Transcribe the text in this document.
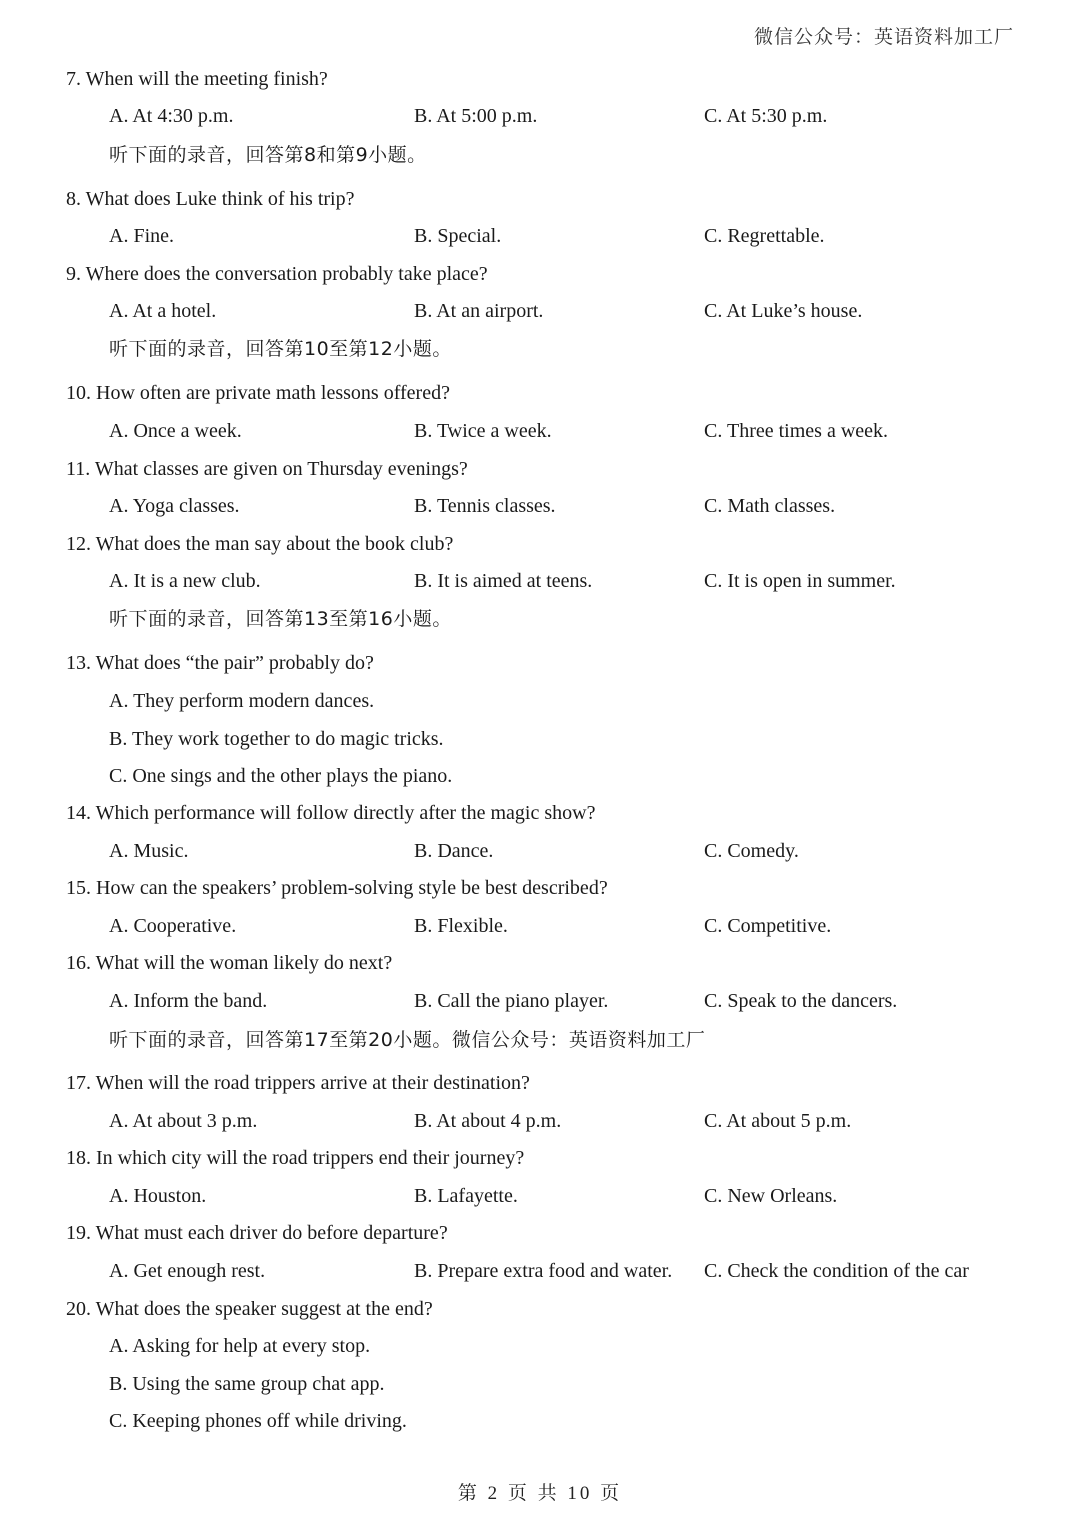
微信公众号：英语资料加工厂
7. When will the meeting finish?
A. At 4:30 p.m.	B. At 5:00 p.m.	C. At 5:30 p.m.
听下面的录音，回答第8和第9小题。
8. What does Luke think of his trip?
A. Fine.	B. Special.	C. Regrettable.
9. Where does the conversation probably take place?
A. At a hotel.	B. At an airport.	C. At Luke’s house.
听下面的录音，回答第10至第12小题。
10. How often are private math lessons offered?
A. Once a week.	B. Twice a week.	C. Three times a week.
11. What classes are given on Thursday evenings?
A. Yoga classes.	B. Tennis classes.	C. Math classes.
12. What does the man say about the book club?
A. It is a new club.	B. It is aimed at teens.	C. It is open in summer.
听下面的录音，回答第13至第16小题。
13. What does “the pair” probably do?
A. They perform modern dances.
B. They work together to do magic tricks.
C. One sings and the other plays the piano.
14. Which performance will follow directly after the magic show?
A. Music.	B. Dance.	C. Comedy.
15. How can the speakers’ problem-solving style be best described?
A. Cooperative.	B. Flexible.	C. Competitive.
16. What will the woman likely do next?
A. Inform the band.	B. Call the piano player.	C. Speak to the dancers.
听下面的录音，回答第17至第20小题。微信公众号：英语资料加工厂
17. When will the road trippers arrive at their destination?
A. At about 3 p.m.	B. At about 4 p.m.	C. At about 5 p.m.
18. In which city will the road trippers end their journey?
A. Houston.	B. Lafayette.	C. New Orleans.
19. What must each driver do before departure?
A. Get enough rest.	B. Prepare extra food and water. C. Check the condition of the car
20. What does the speaker suggest at the end?
A. Asking for help at every stop.
B. Using the same group chat app.
C. Keeping phones off while driving.
第 2 页 共 10 页
